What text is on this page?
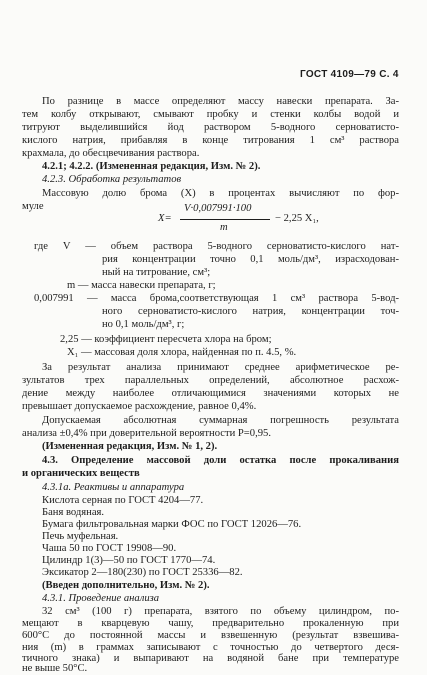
ГОСТ 4109—79 С. 4
По разнице в массе определяют массу навески препарата. За-
тем колбу открывают, смывают пробку и стенки колбы водой и
титруют выделившийся йод раствором 5-водного серноватисто-
кислого натрия, прибавляя в конце титрования 1 см³ раствора
крахмала, до обесцвечивания раствора.
4.2.1; 4.2.2. (Измененная редакция, Изм. № 2).
4.2.3. Обработка результатов
Массовую долю брома (X) в процентах вычисляют по фор-
муле
X=
V·0,007991·100
m
− 2,25 X₁,
где V — объем раствора 5-водного серноватисто-кислого нат-
рия концентрации точно 0,1 моль/дм³, израсходован-
ный на титрование, см³;
m — масса навески препарата, г;
0,007991 — масса брома,соответствующая 1 см³ раствора 5-вод-
ного серноватисто-кислого натрия, концентрации точ-
но 0,1 моль/дм³, г;
2,25 — коэффициент пересчета хлора на бром;
X₁ — массовая доля хлора, найденная по п. 4.5, %.
За результат анализа принимают среднее арифметическое ре-
зультатов трех параллельных определений, абсолютное расхож-
дение между наиболее отличающимися значениями которых не
превышает допускаемое расхождение, равное 0,4%.
Допускаемая абсолютная суммарная погрешность результата
анализа ±0,4% при доверительной вероятности P=0,95.
(Измененная редакция, Изм. № 1, 2).
4.3. Определение массовой доли остатка после прокаливания
и органических веществ
4.3.1а. Реактивы и аппаратура
Кислота серная по ГОСТ 4204—77.
Баня водяная.
Бумага фильтровальная марки ФОС по ГОСТ 12026—76.
Печь муфельная.
Чаша 50 по ГОСТ 19908—90.
Цилиндр 1(3)—50 по ГОСТ 1770—74.
Эксикатор 2—180(230) по ГОСТ 25336—82.
(Введен дополнительно, Изм. № 2).
4.3.1. Проведение анализа
32 см³ (100 г) препарата, взятого по объему цилиндром, по-
мещают в кварцевую чашу, предварительно прокаленную при
600°С до постоянной массы и взвешенную (результат взвешива-
ния (m) в граммах записывают с точностью до четвертого деся-
тичного знака) и выпаривают на водяной бане при температуре
не выше 50°С.
